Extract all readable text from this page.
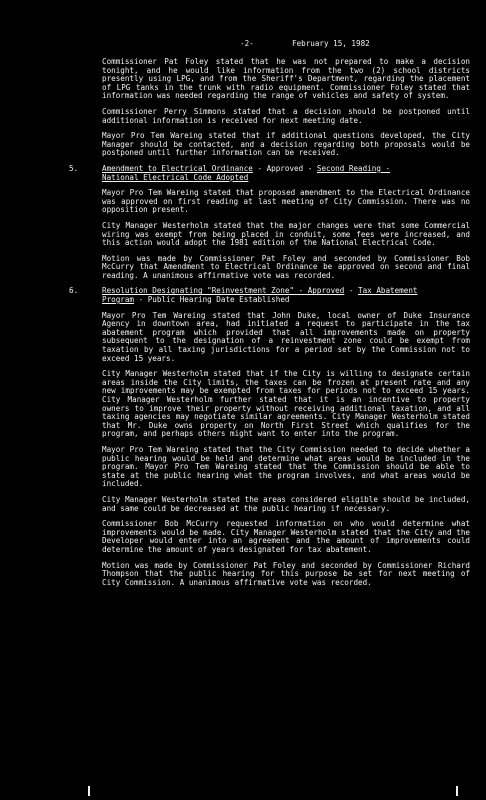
-2-	February 15, 1982

Commissioner Pat Foley stated that he was not prepared to make a decision tonight, and he would like information from the two (2) school districts presently using LPG, and from the Sheriff's Department, regarding the placement of LPG tanks in the trunk with radio equipment. Commissioner Foley stated that information was needed regarding the range of vehicles and safety of system.

Commissioner Perry Simmons stated that a decision should be postponed until additional information is received for next meeting date.

Mayor Pro Tem Wareing stated that if additional questions developed, the City Manager should be contacted, and a decision regarding both proposals would be postponed until further information can be received.

5.	Amendment to Electrical Ordinance - Approved - Second Reading -
National Electrical Code Adopted

Mayor Pro Tem Wareing stated that proposed amendment to the Electrical Ordinance was approved on first reading at last meeting of City Commission. There was no opposition present.

City Manager Westerholm stated that the major changes were that some Commercial wiring was exempt from being placed in conduit, some fees were increased, and this action would adopt the 1981 edition of the National Electrical Code.

Motion was made by Commissioner Pat Foley and seconded by Commissioner Bob McCurry that Amendment to Electrical Ordinance be approved on second and final reading. A unanimous affirmative vote was recorded.

6.	Resolution Designating "Reinvestment Zone" - Approved - Tax Abatement
Program - Public Hearing Date Established

Mayor Pro Tem Wareing stated that John Duke, local owner of Duke Insurance Agency in downtown area, had initiated a request to participate in the tax abatement program which provided that all improvements made on property subsequent to the designation of a reinvestment zone could be exempt from taxation by all taxing jurisdictions for a period set by the Commission not to exceed 15 years.

City Manager Westerholm stated that if the City is willing to designate certain areas inside the City limits, the taxes can be frozen at present rate and any new improvements may be exempted from taxes for periods not to exceed 15 years. City Manager Westerholm further stated that it is an incentive to property owners to improve their property without receiving additional taxation, and all taxing agencies may negotiate similar agreements. City Manager Westerholm stated that Mr. Duke owns property on North First Street which qualifies for the program, and perhaps others might want to enter into the program.

Mayor Pro Tem Wareing stated that the City Commission needed to decide whether a public hearing would be held and determine what areas would be included in the program. Mayor Pro Tem Wareing stated that the Commission should be able to state at the public hearing what the program involves, and what areas would be included.

City Manager Westerholm stated the areas considered eligible should be included, and same could be decreased at the public hearing if necessary.

Commissioner Bob McCurry requested information on who would determine what improvements would be made. City Manager Westerholm stated that the City and the Developer would enter into an agreement and the amount of improvements could determine the amount of years designated for tax abatement.

Motion was made by Commissioner Pat Foley and seconded by Commissioner Richard Thompson that the public hearing for this purpose be set for next meeting of City Commission. A unanimous affirmative vote was recorded.
